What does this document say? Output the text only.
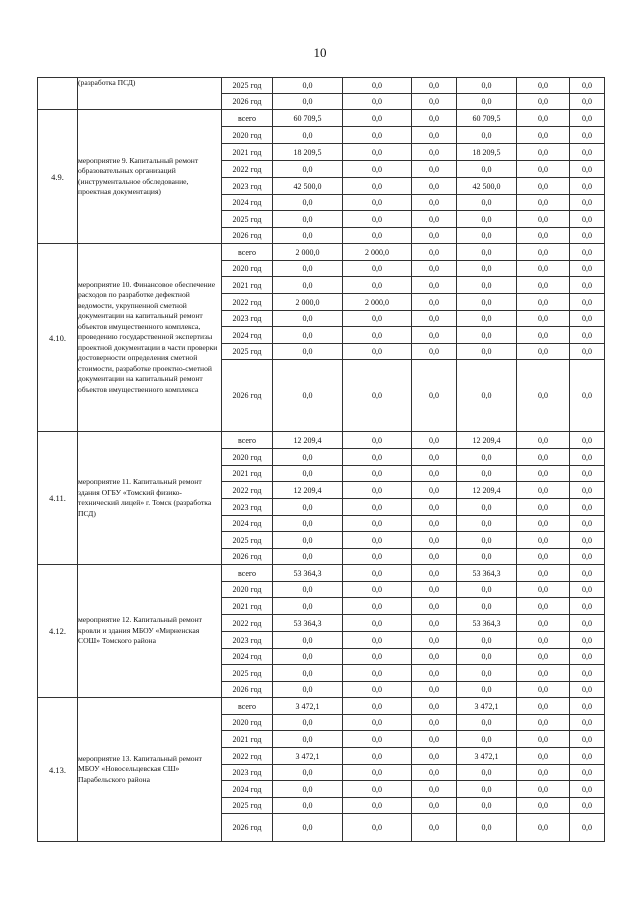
10
	(разработка ПСД)	2025 год	0,0	0,0	0,0	0,0	0,0	0,0
		2026 год	0,0	0,0	0,0	0,0	0,0	0,0
4.9.	мероприятие 9. Капитальный ремонт образовательных организаций (инструментальное обследование, проектная документация)	всего	60 709,5	0,0	0,0	60 709,5	0,0	0,0
		2020 год	0,0	0,0	0,0	0,0	0,0	0,0
		2021 год	18 209,5	0,0	0,0	18 209,5	0,0	0,0
		2022 год	0,0	0,0	0,0	0,0	0,0	0,0
		2023 год	42 500,0	0,0	0,0	42 500,0	0,0	0,0
		2024 год	0,0	0,0	0,0	0,0	0,0	0,0
		2025 год	0,0	0,0	0,0	0,0	0,0	0,0
		2026 год	0,0	0,0	0,0	0,0	0,0	0,0
4.10.	мероприятие 10. Финансовое обеспечение расходов по разработке дефектной ведомости, укрупненной сметной документации на капитальный ремонт объектов имущественного комплекса, проведению государственной экспертизы проектной документации в части проверки достоверности определения сметной стоимости, разработке проектно-сметной документации на капитальный ремонт объектов имущественного комплекса	всего	2 000,0	2 000,0	0,0	0,0	0,0	0,0
		2020 год	0,0	0,0	0,0	0,0	0,0	0,0
		2021 год	0,0	0,0	0,0	0,0	0,0	0,0
		2022 год	2 000,0	2 000,0	0,0	0,0	0,0	0,0
		2023 год	0,0	0,0	0,0	0,0	0,0	0,0
		2024 год	0,0	0,0	0,0	0,0	0,0	0,0
		2025 год	0,0	0,0	0,0	0,0	0,0	0,0
		2026 год	0,0	0,0	0,0	0,0	0,0	0,0
4.11.	мероприятие 11. Капитальный ремонт здания ОГБУ «Томский физико-технический лицей» г. Томск (разработка ПСД)	всего	12 209,4	0,0	0,0	12 209,4	0,0	0,0
		2020 год	0,0	0,0	0,0	0,0	0,0	0,0
		2021 год	0,0	0,0	0,0	0,0	0,0	0,0
		2022 год	12 209,4	0,0	0,0	12 209,4	0,0	0,0
		2023 год	0,0	0,0	0,0	0,0	0,0	0,0
		2024 год	0,0	0,0	0,0	0,0	0,0	0,0
		2025 год	0,0	0,0	0,0	0,0	0,0	0,0
		2026 год	0,0	0,0	0,0	0,0	0,0	0,0
4.12.	мероприятие 12. Капитальный ремонт кровли и здания МБОУ «Мирненская СОШ» Томского района	всего	53 364,3	0,0	0,0	53 364,3	0,0	0,0
		2020 год	0,0	0,0	0,0	0,0	0,0	0,0
		2021 год	0,0	0,0	0,0	0,0	0,0	0,0
		2022 год	53 364,3	0,0	0,0	53 364,3	0,0	0,0
		2023 год	0,0	0,0	0,0	0,0	0,0	0,0
		2024 год	0,0	0,0	0,0	0,0	0,0	0,0
		2025 год	0,0	0,0	0,0	0,0	0,0	0,0
		2026 год	0,0	0,0	0,0	0,0	0,0	0,0
4.13.	мероприятие 13. Капитальный ремонт МБОУ «Новосельцевская СШ» Парабельского района	всего	3 472,1	0,0	0,0	3 472,1	0,0	0,0
		2020 год	0,0	0,0	0,0	0,0	0,0	0,0
		2021 год	0,0	0,0	0,0	0,0	0,0	0,0
		2022 год	3 472,1	0,0	0,0	3 472,1	0,0	0,0
		2023 год	0,0	0,0	0,0	0,0	0,0	0,0
		2024 год	0,0	0,0	0,0	0,0	0,0	0,0
		2025 год	0,0	0,0	0,0	0,0	0,0	0,0
		2026 год	0,0	0,0	0,0	0,0	0,0	0,0
